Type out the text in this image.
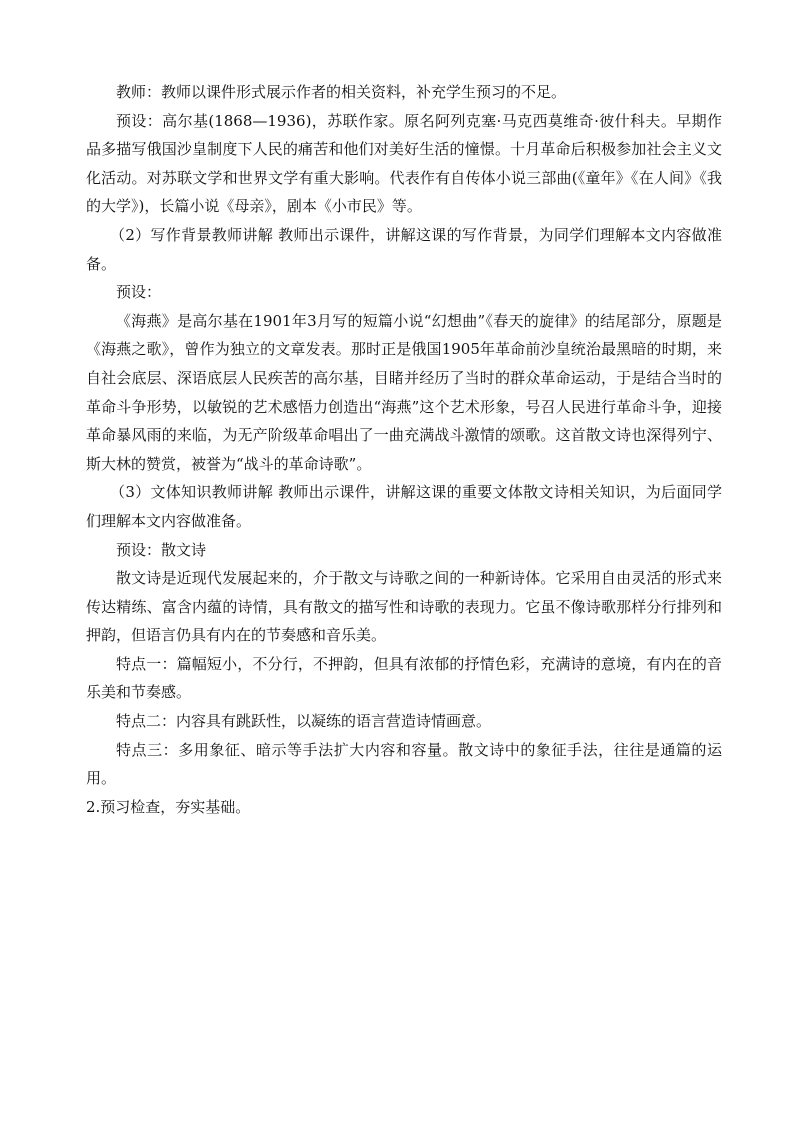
教师：教师以课件形式展示作者的相关资料，补充学生预习的不足。

预设：高尔基(1868—1936)，苏联作家。原名阿列克塞·马克西莫维奇·彼什科夫。早期作品多描写俄国沙皇制度下人民的痛苦和他们对美好生活的憧憬。十月革命后积极参加社会主义文化活动。对苏联文学和世界文学有重大影响。代表作有自传体小说三部曲(《童年》《在人间》《我的大学》)，长篇小说《母亲》，剧本《小市民》等。

（2）写作背景教师讲解 教师出示课件，讲解这课的写作背景，为同学们理解本文内容做准备。

预设：

《海燕》是高尔基在1901年3月写的短篇小说“幻想曲”《春天的旋律》的结尾部分，原题是《海燕之歌》，曾作为独立的文章发表。那时正是俄国1905年革命前沙皇统治最黑暗的时期，来自社会底层、深语底层人民疾苦的高尔基，目睹并经历了当时的群众革命运动，于是结合当时的革命斗争形势，以敏锐的艺术感悟力创造出“海燕”这个艺术形象，号召人民进行革命斗争，迎接革命暴风雨的来临，为无产阶级革命唱出了一曲充满战斗激情的颂歌。这首散文诗也深得列宁、斯大林的赞赏，被誉为“战斗的革命诗歌”。

（3）文体知识教师讲解 教师出示课件，讲解这课的重要文体散文诗相关知识，为后面同学们理解本文内容做准备。

预设：散文诗

散文诗是近现代发展起来的，介于散文与诗歌之间的一种新诗体。它采用自由灵活的形式来传达精练、富含内蕴的诗情，具有散文的描写性和诗歌的表现力。它虽不像诗歌那样分行排列和押韵，但语言仍具有内在的节奏感和音乐美。

特点一：篇幅短小，不分行，不押韵，但具有浓郁的抒情色彩，充满诗的意境，有内在的音乐美和节奏感。

特点二：内容具有跳跃性，以凝练的语言营造诗情画意。

特点三：多用象征、暗示等手法扩大内容和容量。散文诗中的象征手法，往往是通篇的运用。

2.预习检查，夯实基础。
